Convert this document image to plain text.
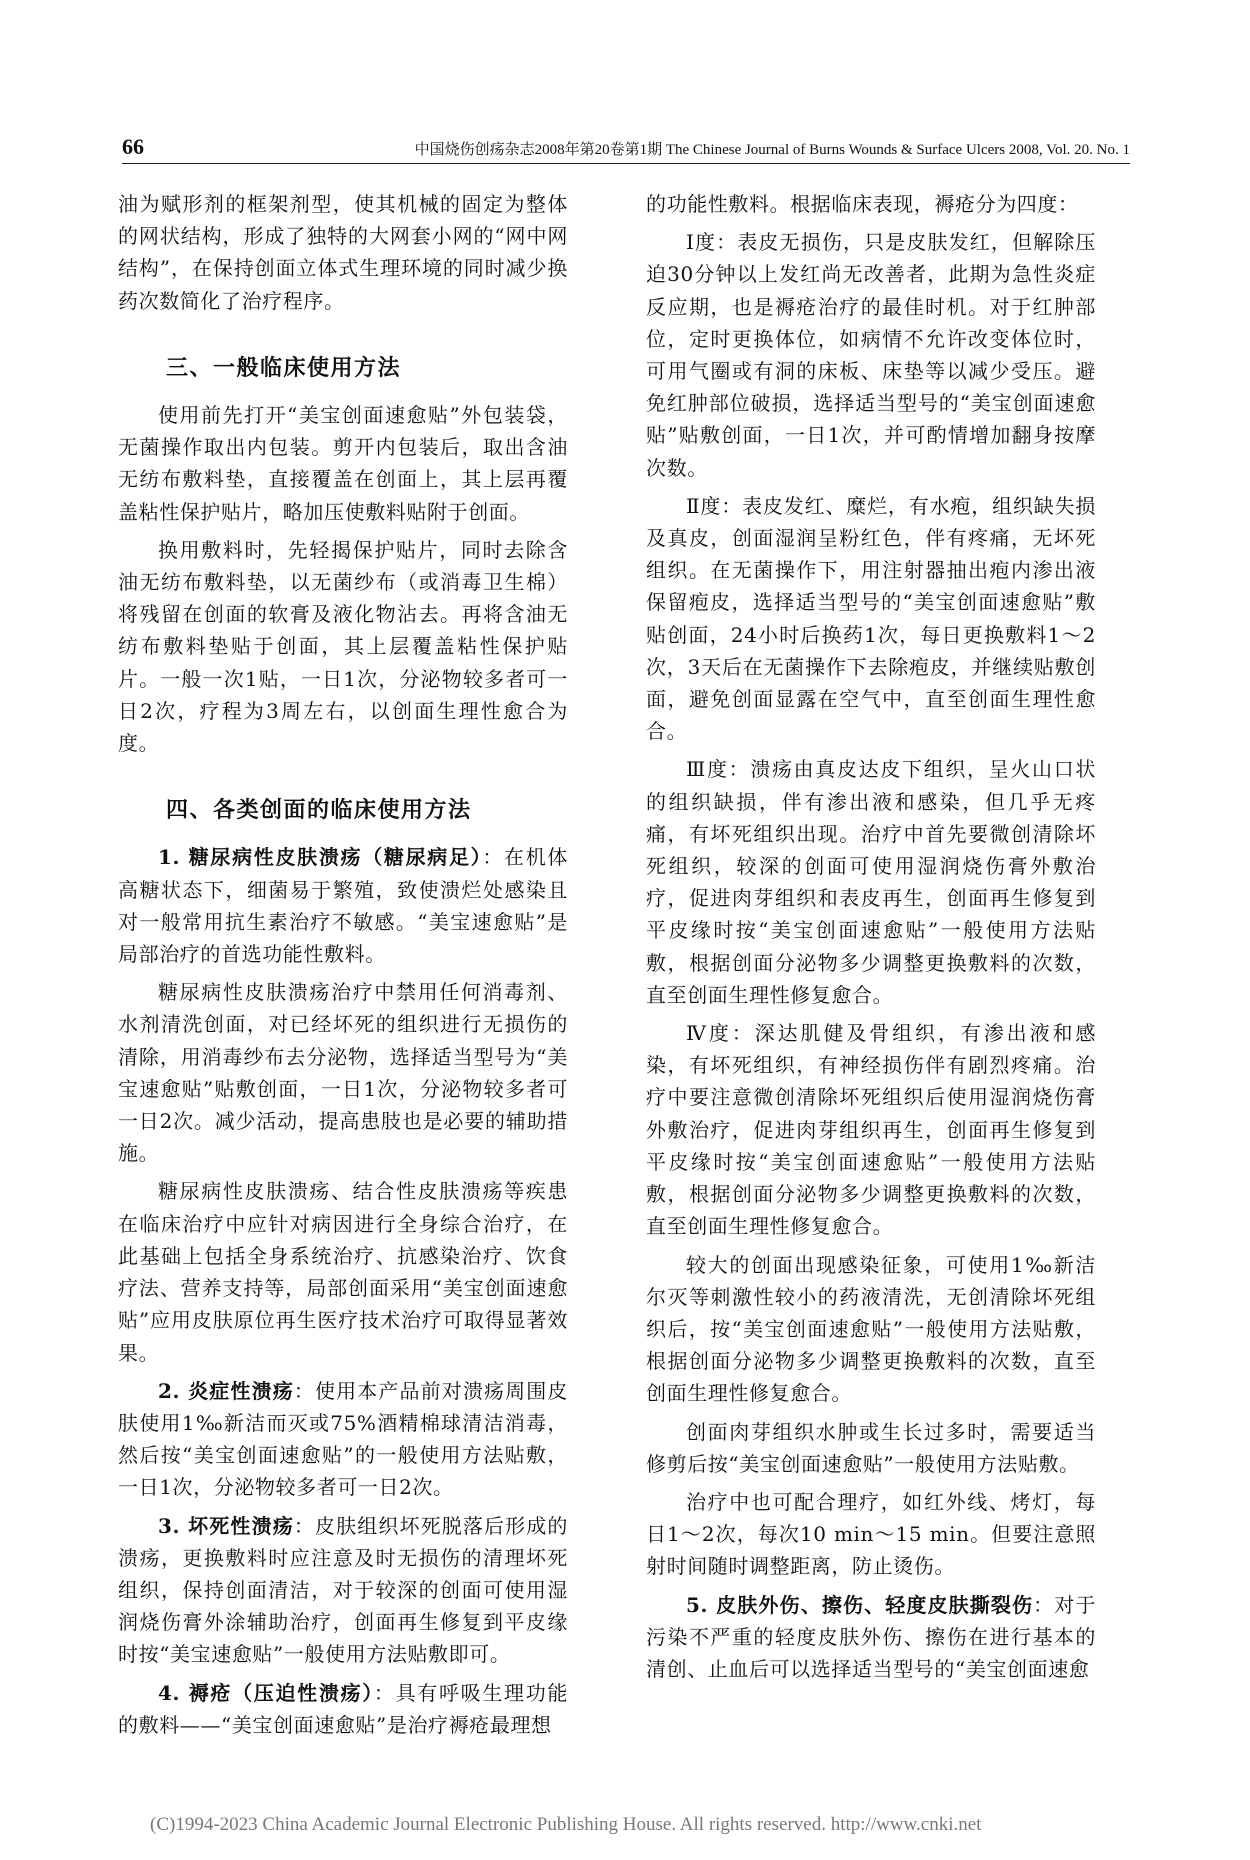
66	中国烧伤创疡杂志2008年第20卷第1期 The Chinese Journal of Burns Wounds & Surface Ulcers 2008, Vol. 20. No. 1

油为赋形剂的框架剂型，使其机械的固定为整体的网状结构，形成了独特的大网套小网的“网中网结构”，在保持创面立体式生理环境的同时减少换药次数简化了治疗程序。

三、一般临床使用方法

使用前先打开“美宝创面速愈贴”外包装袋，无菌操作取出内包装。剪开内包装后，取出含油无纺布敷料垫，直接覆盖在创面上，其上层再覆盖粘性保护贴片，略加压使敷料贴附于创面。

换用敷料时，先轻揭保护贴片，同时去除含油无纺布敷料垫，以无菌纱布（或消毒卫生棉）将残留在创面的软膏及液化物沾去。再将含油无纺布敷料垫贴于创面，其上层覆盖粘性保护贴片。一般一次1贴，一日1次，分泌物较多者可一日2次，疗程为3周左右，以创面生理性愈合为度。

四、各类创面的临床使用方法

1. 糖尿病性皮肤溃疡（糖尿病足）：在机体高糖状态下，细菌易于繁殖，致使溃烂处感染且对一般常用抗生素治疗不敏感。“美宝速愈贴”是局部治疗的首选功能性敷料。

糖尿病性皮肤溃疡治疗中禁用任何消毒剂、水剂清洗创面，对已经坏死的组织进行无损伤的清除，用消毒纱布去分泌物，选择适当型号为“美宝速愈贴”贴敷创面，一日1次，分泌物较多者可一日2次。减少活动，提高患肢也是必要的辅助措施。

糖尿病性皮肤溃疡、结合性皮肤溃疡等疾患在临床治疗中应针对病因进行全身综合治疗，在此基础上包括全身系统治疗、抗感染治疗、饮食疗法、营养支持等，局部创面采用“美宝创面速愈贴”应用皮肤原位再生医疗技术治疗可取得显著效果。

2. 炎症性溃疡：使用本产品前对溃疡周围皮肤使用1‰新洁而灭或75%酒精棉球清洁消毒，然后按“美宝创面速愈贴”的一般使用方法贴敷，一日1次，分泌物较多者可一日2次。

3. 坏死性溃疡：皮肤组织坏死脱落后形成的溃疡，更换敷料时应注意及时无损伤的清理坏死组织，保持创面清洁，对于较深的创面可使用湿润烧伤膏外涂辅助治疗，创面再生修复到平皮缘时按“美宝速愈贴”一般使用方法贴敷即可。

4. 褥疮（压迫性溃疡）：具有呼吸生理功能的敷料——“美宝创面速愈贴”是治疗褥疮最理想

的功能性敷料。根据临床表现，褥疮分为四度：

Ⅰ度：表皮无损伤，只是皮肤发红，但解除压迫30分钟以上发红尚无改善者，此期为急性炎症反应期，也是褥疮治疗的最佳时机。对于红肿部位，定时更换体位，如病情不允许改变体位时，可用气圈或有洞的床板、床垫等以减少受压。避免红肿部位破损，选择适当型号的“美宝创面速愈贴”贴敷创面，一日1次，并可酌情增加翻身按摩次数。

Ⅱ度：表皮发红、糜烂，有水疱，组织缺失损及真皮，创面湿润呈粉红色，伴有疼痛，无坏死组织。在无菌操作下，用注射器抽出疱内渗出液保留疱皮，选择适当型号的“美宝创面速愈贴”敷贴创面，24小时后换药1次，每日更换敷料1～2次，3天后在无菌操作下去除疱皮，并继续贴敷创面，避免创面显露在空气中，直至创面生理性愈合。

Ⅲ度：溃疡由真皮达皮下组织，呈火山口状的组织缺损，伴有渗出液和感染，但几乎无疼痛，有坏死组织出现。治疗中首先要微创清除坏死组织，较深的创面可使用湿润烧伤膏外敷治疗，促进肉芽组织和表皮再生，创面再生修复到平皮缘时按“美宝创面速愈贴”一般使用方法贴敷，根据创面分泌物多少调整更换敷料的次数，直至创面生理性修复愈合。

Ⅳ度：深达肌健及骨组织，有渗出液和感染，有坏死组织，有神经损伤伴有剧烈疼痛。治疗中要注意微创清除坏死组织后使用湿润烧伤膏外敷治疗，促进肉芽组织再生，创面再生修复到平皮缘时按“美宝创面速愈贴”一般使用方法贴敷，根据创面分泌物多少调整更换敷料的次数，直至创面生理性修复愈合。

较大的创面出现感染征象，可使用1‰新洁尔灭等刺激性较小的药液清洗，无创清除坏死组织后，按“美宝创面速愈贴”一般使用方法贴敷，根据创面分泌物多少调整更换敷料的次数，直至创面生理性修复愈合。

创面肉芽组织水肿或生长过多时，需要适当修剪后按“美宝创面速愈贴”一般使用方法贴敷。

治疗中也可配合理疗，如红外线、烤灯，每日1～2次，每次10 min～15 min。但要注意照射时间随时调整距离，防止烫伤。

5. 皮肤外伤、擦伤、轻度皮肤撕裂伤：对于污染不严重的轻度皮肤外伤、擦伤在进行基本的清创、止血后可以选择适当型号的“美宝创面速愈

(C)1994-2023 China Academic Journal Electronic Publishing House. All rights reserved. http://www.cnki.net
